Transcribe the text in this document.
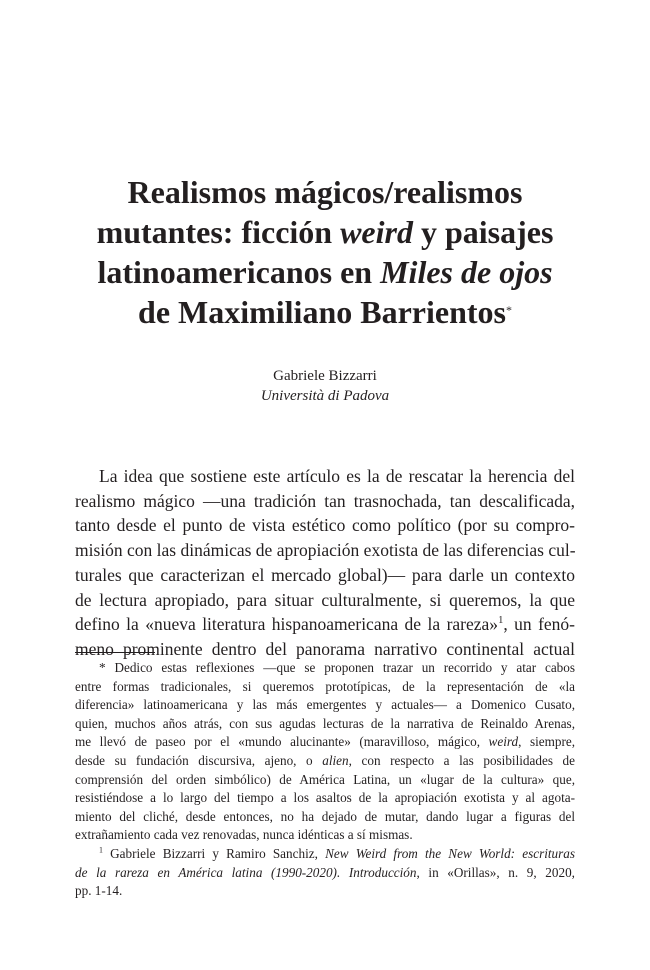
Realismos mágicos/realismos
mutantes: ficción weird y paisajes
latinoamericanos en Miles de ojos
de Maximiliano Barrientos*
Gabriele Bizzarri
Università di Padova
La idea que sostiene este artículo es la de rescatar la herencia del
realismo mágico —una tradición tan trasnochada, tan descalificada,
tanto desde el punto de vista estético como político (por su compro-
misión con las dinámicas de apropiación exotista de las diferencias cul-
turales que caracterizan el mercado global)— para darle un contexto
de lectura apropiado, para situar culturalmente, si queremos, la que
defino la «nueva literatura hispanoamericana de la rareza»$^1$, un fenó-
meno prominente dentro del panorama narrativo continental actual
* Dedico estas reflexiones —que se proponen trazar un recorrido y atar cabos
entre formas tradicionales, si queremos prototípicas, de la representación de «la
diferencia» latinoamericana y las más emergentes y actuales— a Domenico Cusato,
quien, muchos años atrás, con sus agudas lecturas de la narrativa de Reinaldo Arenas,
me llevó de paseo por el «mundo alucinante» (maravilloso, mágico, weird, siempre,
desde su fundación discursiva, ajeno, o alien, con respecto a las posibilidades de
comprensión del orden simbólico) de América Latina, un «lugar de la cultura» que,
resistiéndose a lo largo del tiempo a los asaltos de la apropiación exotista y al agota-
miento del cliché, desde entonces, no ha dejado de mutar, dando lugar a figuras del
extrañamiento cada vez renovadas, nunca idénticas a sí mismas.
$^1$ Gabriele Bizzarri y Ramiro Sanchiz, New Weird from the New World: escrituras
de la rareza en América latina (1990-2020). Introducción, in «Orillas», n. 9, 2020,
pp. 1-14.
